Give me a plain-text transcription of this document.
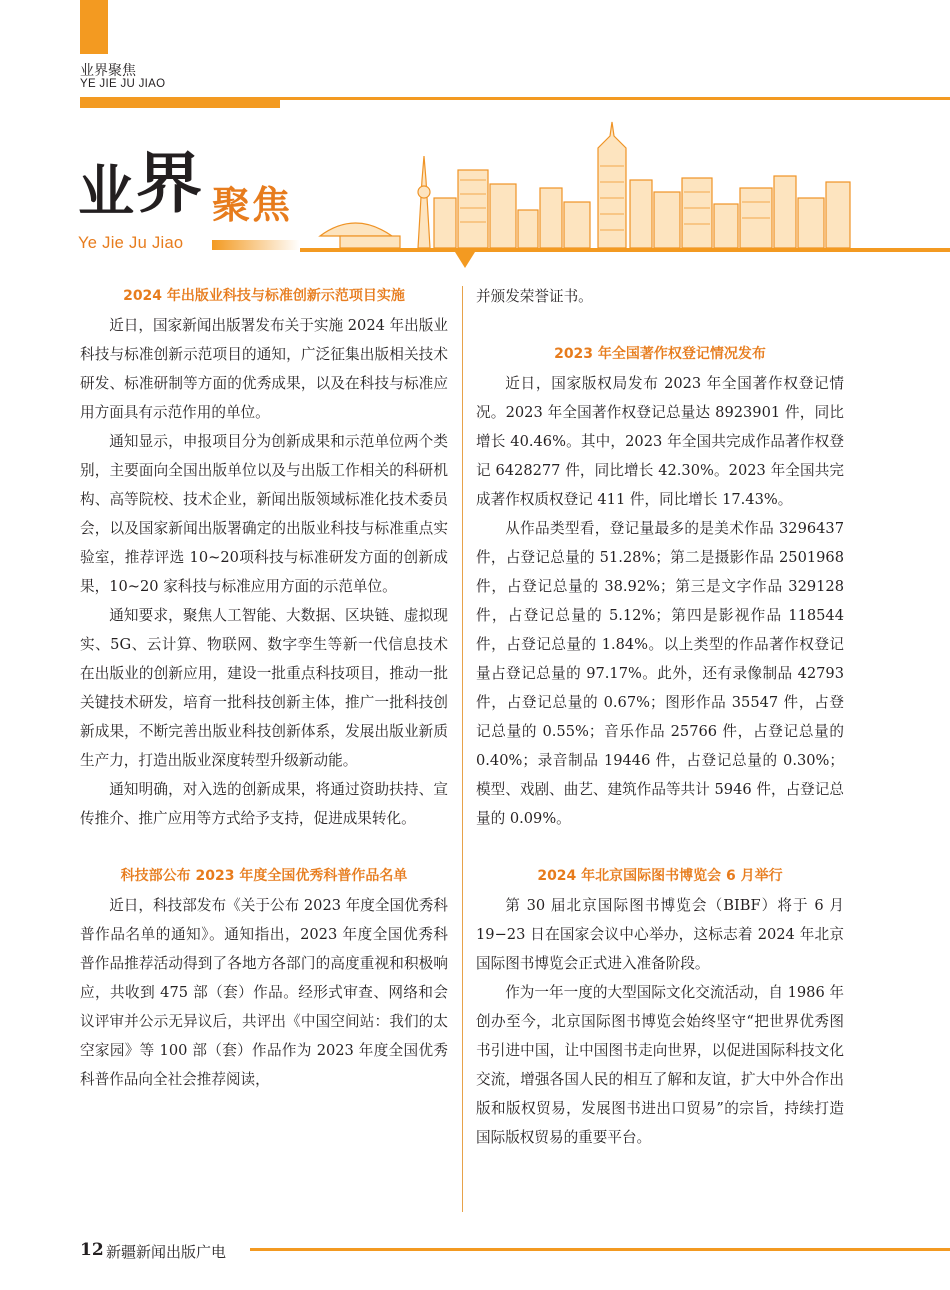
业界聚焦
YE JIE JU JIAO
业 界 聚焦
Ye Jie Ju Jiao
2024 年出版业科技与标准创新示范项目实施

近日，国家新闻出版署发布关于实施 2024 年出版业科技与标准创新示范项目的通知，广泛征集出版相关技术研发、标准研制等方面的优秀成果，以及在科技与标准应用方面具有示范作用的单位。

通知显示，申报项目分为创新成果和示范单位两个类别，主要面向全国出版单位以及与出版工作相关的科研机构、高等院校、技术企业，新闻出版领域标准化技术委员会，以及国家新闻出版署确定的出版业科技与标准重点实验室，推荐评选 10~20项科技与标准研发方面的创新成果，10~20 家科技与标准应用方面的示范单位。

通知要求，聚焦人工智能、大数据、区块链、虚拟现实、5G、云计算、物联网、数字孪生等新一代信息技术在出版业的创新应用，建设一批重点科技项目，推动一批关键技术研发，培育一批科技创新主体，推广一批科技创新成果，不断完善出版业科技创新体系，发展出版业新质生产力，打造出版业深度转型升级新动能。

通知明确，对入选的创新成果，将通过资助扶持、宣传推介、推广应用等方式给予支持，促进成果转化。

科技部公布 2023 年度全国优秀科普作品名单

近日，科技部发布《关于公布 2023 年度全国优秀科普作品名单的通知》。通知指出，2023 年度全国优秀科普作品推荐活动得到了各地方各部门的高度重视和积极响应，共收到 475 部（套）作品。经形式审查、网络和会议评审并公示无异议后，共评出《中国空间站：我们的太空家园》等 100 部（套）作品作为 2023 年度全国优秀科普作品向全社会推荐阅读，

并颁发荣誉证书。

2023 年全国著作权登记情况发布

近日，国家版权局发布 2023 年全国著作权登记情况。2023 年全国著作权登记总量达 8923901 件，同比增长 40.46%。其中，2023 年全国共完成作品著作权登记 6428277 件，同比增长 42.30%。2023 年全国共完成著作权质权登记 411 件，同比增长 17.43%。

从作品类型看，登记量最多的是美术作品 3296437 件，占登记总量的 51.28%；第二是摄影作品 2501968 件，占登记总量的 38.92%；第三是文字作品 329128 件，占登记总量的 5.12%；第四是影视作品 118544 件，占登记总量的 1.84%。以上类型的作品著作权登记量占登记总量的 97.17%。此外，还有录像制品 42793 件，占登记总量的 0.67%；图形作品 35547 件，占登记总量的 0.55%；音乐作品 25766 件，占登记总量的 0.40%；录音制品 19446 件，占登记总量的 0.30%；模型、戏剧、曲艺、建筑作品等共计 5946 件，占登记总量的 0.09%。

2024 年北京国际图书博览会 6 月举行

第 30 届北京国际图书博览会（BIBF）将于 6 月 19−23 日在国家会议中心举办，这标志着 2024 年北京国际图书博览会正式进入准备阶段。

作为一年一度的大型国际文化交流活动，自 1986 年创办至今，北京国际图书博览会始终坚守“把世界优秀图书引进中国，让中国图书走向世界，以促进国际科技文化交流，增强各国人民的相互了解和友谊，扩大中外合作出版和版权贸易，发展图书进出口贸易”的宗旨，持续打造国际版权贸易的重要平台。

12 新疆新闻出版广电
